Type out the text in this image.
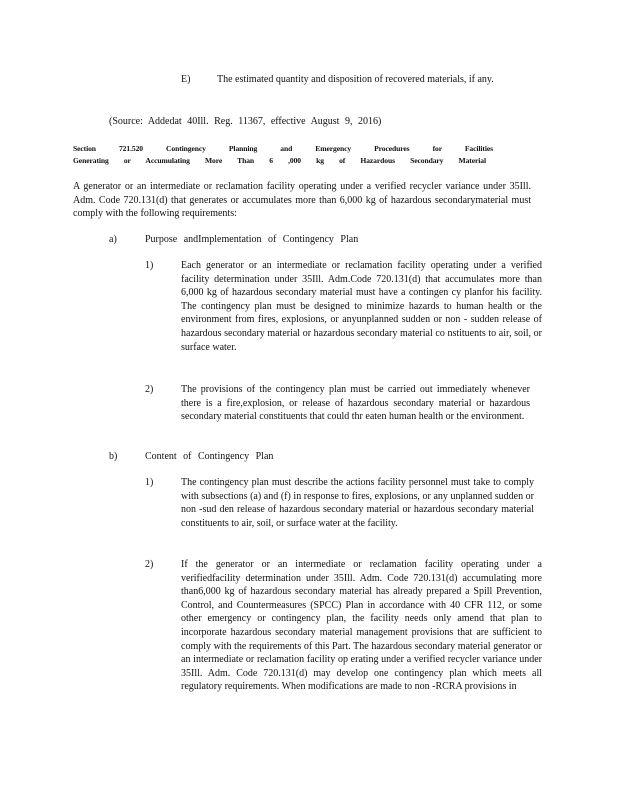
E)	The estimated quantity and disposition of recovered materials, if any.
(Source: Addedat 40Ill. Reg. 11367, effective August 9, 2016)
Section 721.520 Contingency Planning and Emergency Procedures for Facilities
Generating or Accumulating More Than 6 ,000 kg of Hazardous Secondary Material
A generator or an intermediate or reclamation facility operating under a verified recycler variance under 35Ill. Adm. Code 720.131(d) that generates or accumulates more than 6,000 kg of hazardous secondarymaterial must comply with the following requirements:
a)	Purpose andImplementation of Contingency Plan
1)	Each generator or an intermediate or reclamation facility operating under a verified facility determination under 35Ill. Adm.Code 720.131(d) that accumulates more than 6,000 kg of hazardous secondary material must have a contingen cy planfor his facility. The contingency plan must be designed to minimize hazards to human health or the environment from fires, explosions, or anyunplanned sudden or non - sudden release of hazardous secondary material or hazardous secondary material co nstituents to air, soil, or surface water.
2)	The provisions of the contingency plan must be carried out immediately whenever there is a fire,explosion, or release of hazardous secondary material or hazardous secondary material constituents that could thr eaten human health or the environment.
b)	Content of Contingency Plan
1)	The contingency plan must describe the actions facility personnel must take to comply with subsections (a) and (f) in response to fires, explosions, or any unplanned sudden or non -sud den release of hazardous secondary material or hazardous secondary material constituents to air, soil, or surface water at the facility.
2)	If the generator or an intermediate or reclamation facility operating under a verifiedfacility determination under 35Ill. Adm. Code 720.131(d) accumulating more than6,000 kg of hazardous secondary material has already prepared a Spill Prevention, Control, and Countermeasures (SPCC) Plan in accordance with 40 CFR 112, or some other emergency or contingency plan, the facility needs only amend that plan to incorporate hazardous secondary material management provisions that are sufficient to comply with the requirements of this Part. The hazardous secondary material generator or an intermediate or reclamation facility op erating under a verified recycler variance under 35Ill. Adm. Code 720.131(d) may develop one contingency plan which meets all regulatory requirements. When modifications are made to non -RCRA provisions in
